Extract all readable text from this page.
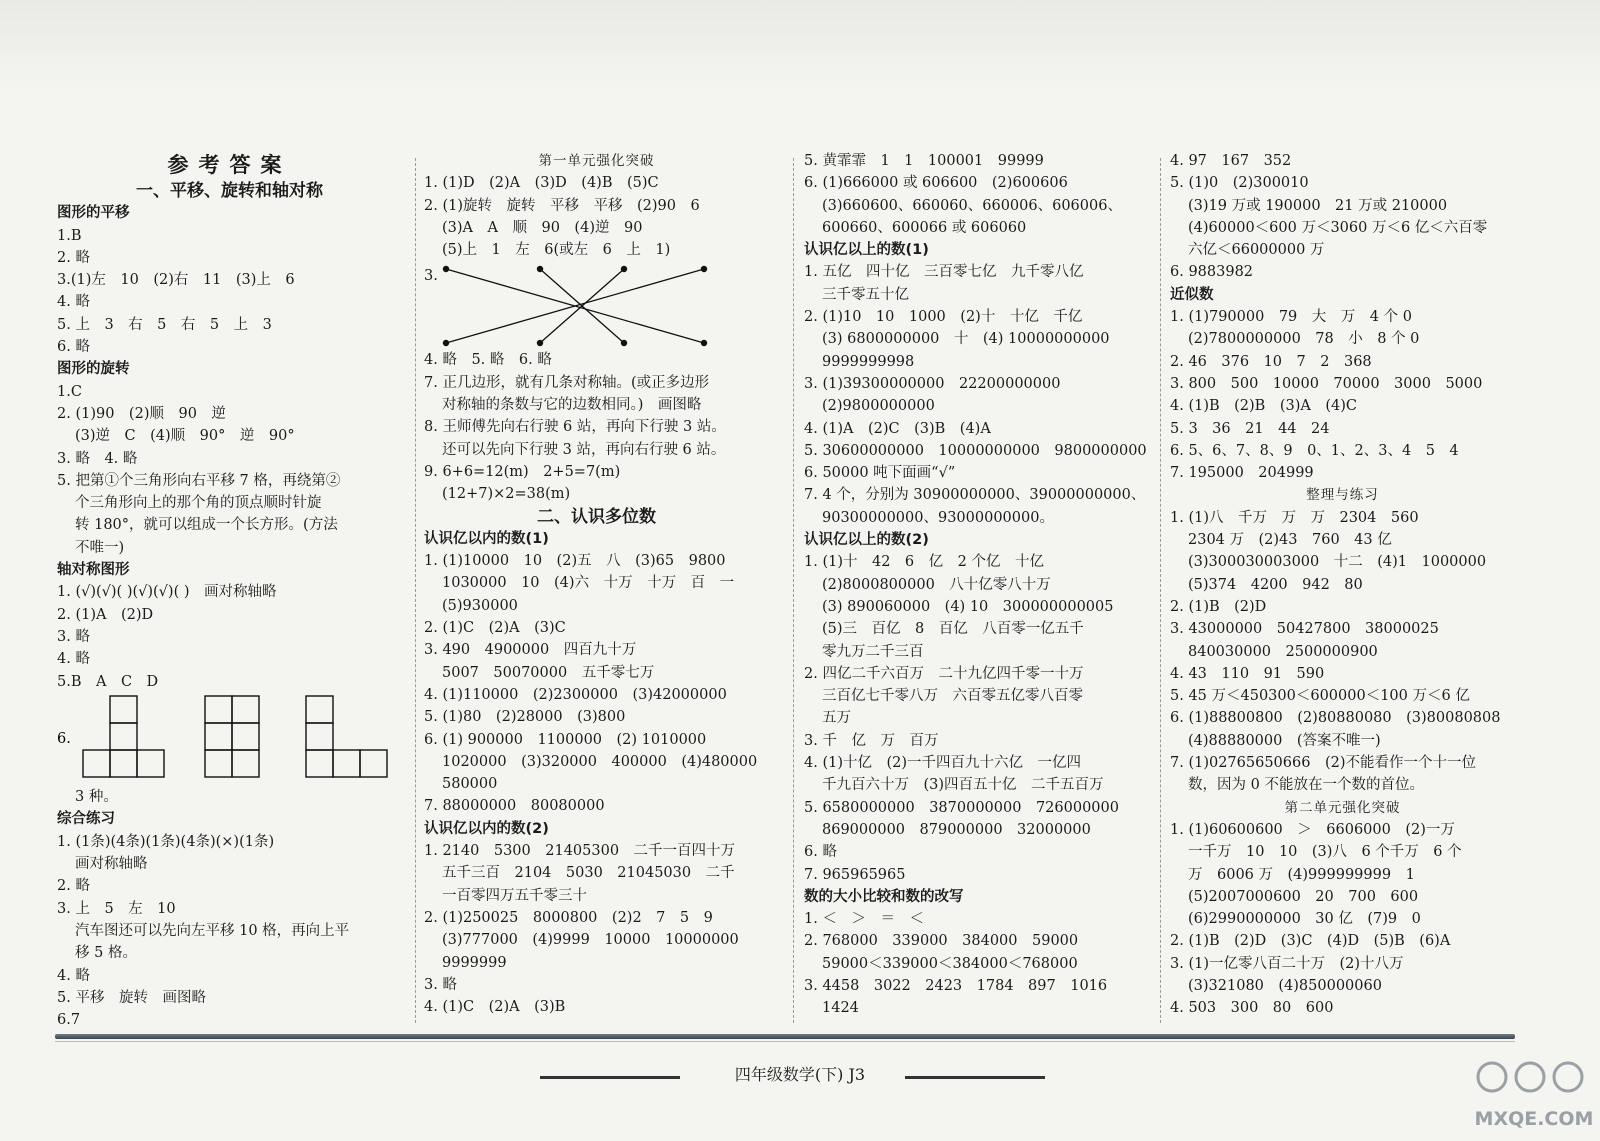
参考答案
一、平移、旋转和轴对称
图形的平移
1.B
2. 略
3.(1)左　10　(2)右　11　(3)上　6
4. 略
5. 上　3　右　5　右　5　上　3
6. 略
图形的旋转
1.C
2. (1)90　(2)顺　90　逆
(3)逆　C　(4)顺　90°　逆　90°
3. 略　4. 略
5. 把第①个三角形向右平移 7 格，再绕第②
个三角形向上的那个角的顶点顺时针旋
转 180°，就可以组成一个长方形。(方法
不唯一)
轴对称图形
1. (√)(√)( )(√)(√)( )　画对称轴略
2. (1)A　(2)D
3. 略
4. 略
5.B　A　C　D
6.
3 种。
综合练习
1. (1条)(4条)(1条)(4条)(×)(1条)
画对称轴略
2. 略
3. 上　5　左　10
汽车图还可以先向左平移 10 格，再向上平
移 5 格。
4. 略
5. 平移　旋转　画图略
6.7
第一单元强化突破
1. (1)D　(2)A　(3)D　(4)B　(5)C
2. (1)旋转　旋转　平移　平移　(2)90　6
(3)A　A　顺　90　(4)逆　90
(5)上　1　左　6(或左　6　上　1)
3.
4. 略　5. 略　6. 略
7. 正几边形，就有几条对称轴。(或正多边形
对称轴的条数与它的边数相同。)　画图略
8. 王师傅先向右行驶 6 站，再向下行驶 3 站。
还可以先向下行驶 3 站，再向右行驶 6 站。
9. 6+6=12(m)　2+5=7(m)
(12+7)×2=38(m)
二、认识多位数
认识亿以内的数(1)
1. (1)10000　10　(2)五　八　(3)65　9800
1030000　10　(4)六　十万　十万　百　一
(5)930000
2. (1)C　(2)A　(3)C
3. 490　4900000　四百九十万
5007　50070000　五千零七万
4. (1)110000　(2)2300000　(3)42000000
5. (1)80　(2)28000　(3)800
6. (1) 900000　1100000　(2) 1010000
1020000　(3)320000　400000　(4)480000
580000
7. 88000000　80080000
认识亿以内的数(2)
1. 2140　5300　21405300　二千一百四十万
五千三百　2104　5030　21045030　二千
一百零四万五千零三十
2. (1)250025　8000800　(2)2　7　5　9
(3)777000　(4)9999　10000　10000000
9999999
3. 略
4. (1)C　(2)A　(3)B
5. 黄霏霏　1　1　100001　99999
6. (1)666000 或 606600　(2)600606
(3)660600、660060、660006、606006、
600660、600066 或 606060
认识亿以上的数(1)
1. 五亿　四十亿　三百零七亿　九千零八亿
三千零五十亿
2. (1)10　10　1000　(2)十　十亿　千亿
(3) 6800000000　十　(4) 10000000000
9999999998
3. (1)39300000000　22200000000
(2)9800000000
4. (1)A　(2)C　(3)B　(4)A
5. 30600000000　10000000000　9800000000
6. 50000 吨下面画“√”
7. 4 个，分别为 30900000000、39000000000、
90300000000、93000000000。
认识亿以上的数(2)
1. (1)十　42　6　亿　2 个亿　十亿
(2)8000800000　八十亿零八十万
(3) 890060000　(4) 10　300000000005
(5)三　百亿　8　百亿　八百零一亿五千
零九万二千三百
2. 四亿二千六百万　二十九亿四千零一十万
三百亿七千零八万　六百零五亿零八百零
五万
3. 千　亿　万　百万
4. (1)十亿　(2)一千四百九十六亿　一亿四
千九百六十万　(3)四百五十亿　二千五百万
5. 6580000000　3870000000　726000000
869000000　879000000　32000000
6. 略
7. 965965965
数的大小比较和数的改写
1. ＜　＞　＝　＜
2. 768000　339000　384000　59000
59000＜339000＜384000＜768000
3. 4458　3022　2423　1784　897　1016
1424
4. 97　167　352
5. (1)0　(2)300010
(3)19 万或 190000　21 万或 210000
(4)60000＜600 万＜3060 万＜6 亿＜六百零
六亿＜66000000 万
6. 9883982
近似数
1. (1)790000　79　大　万　4 个 0
(2)7800000000　78　小　8 个 0
2. 46　376　10　7　2　368
3. 800　500　10000　70000　3000　5000
4. (1)B　(2)B　(3)A　(4)C
5. 3　36　21　44　24
6. 5、6、7、8、9　0、1、2、3、4　5　4
7. 195000　204999
整理与练习
1. (1)八　千万　万　万　2304　560
2304 万　(2)43　760　43 亿
(3)300030003000　十二　(4)1　1000000
(5)374　4200　942　80
2. (1)B　(2)D
3. 43000000　50427800　38000025
840030000　2500000900
4. 43　110　91　590
5. 45 万＜450300＜600000＜100 万＜6 亿
6. (1)88800800　(2)80880080　(3)80080808
(4)88880000　(答案不唯一)
7. (1)02765650666　(2)不能看作一个十一位
数，因为 0 不能放在一个数的首位。
第二单元强化突破
1. (1)60600600　＞　6606000　(2)一万
一千万　10　10　(3)八　6 个千万　6 个
万　6006 万　(4)999999999　1
(5)2007000600　20　700　600
(6)2990000000　30 亿　(7)9　0
2. (1)B　(2)D　(3)C　(4)D　(5)B　(6)A
3. (1)一亿零八百二十万　(2)十八万
(3)321080　(4)850000060
4. 503　300　80　600
四年级数学(下) J3
MXQE.COM
